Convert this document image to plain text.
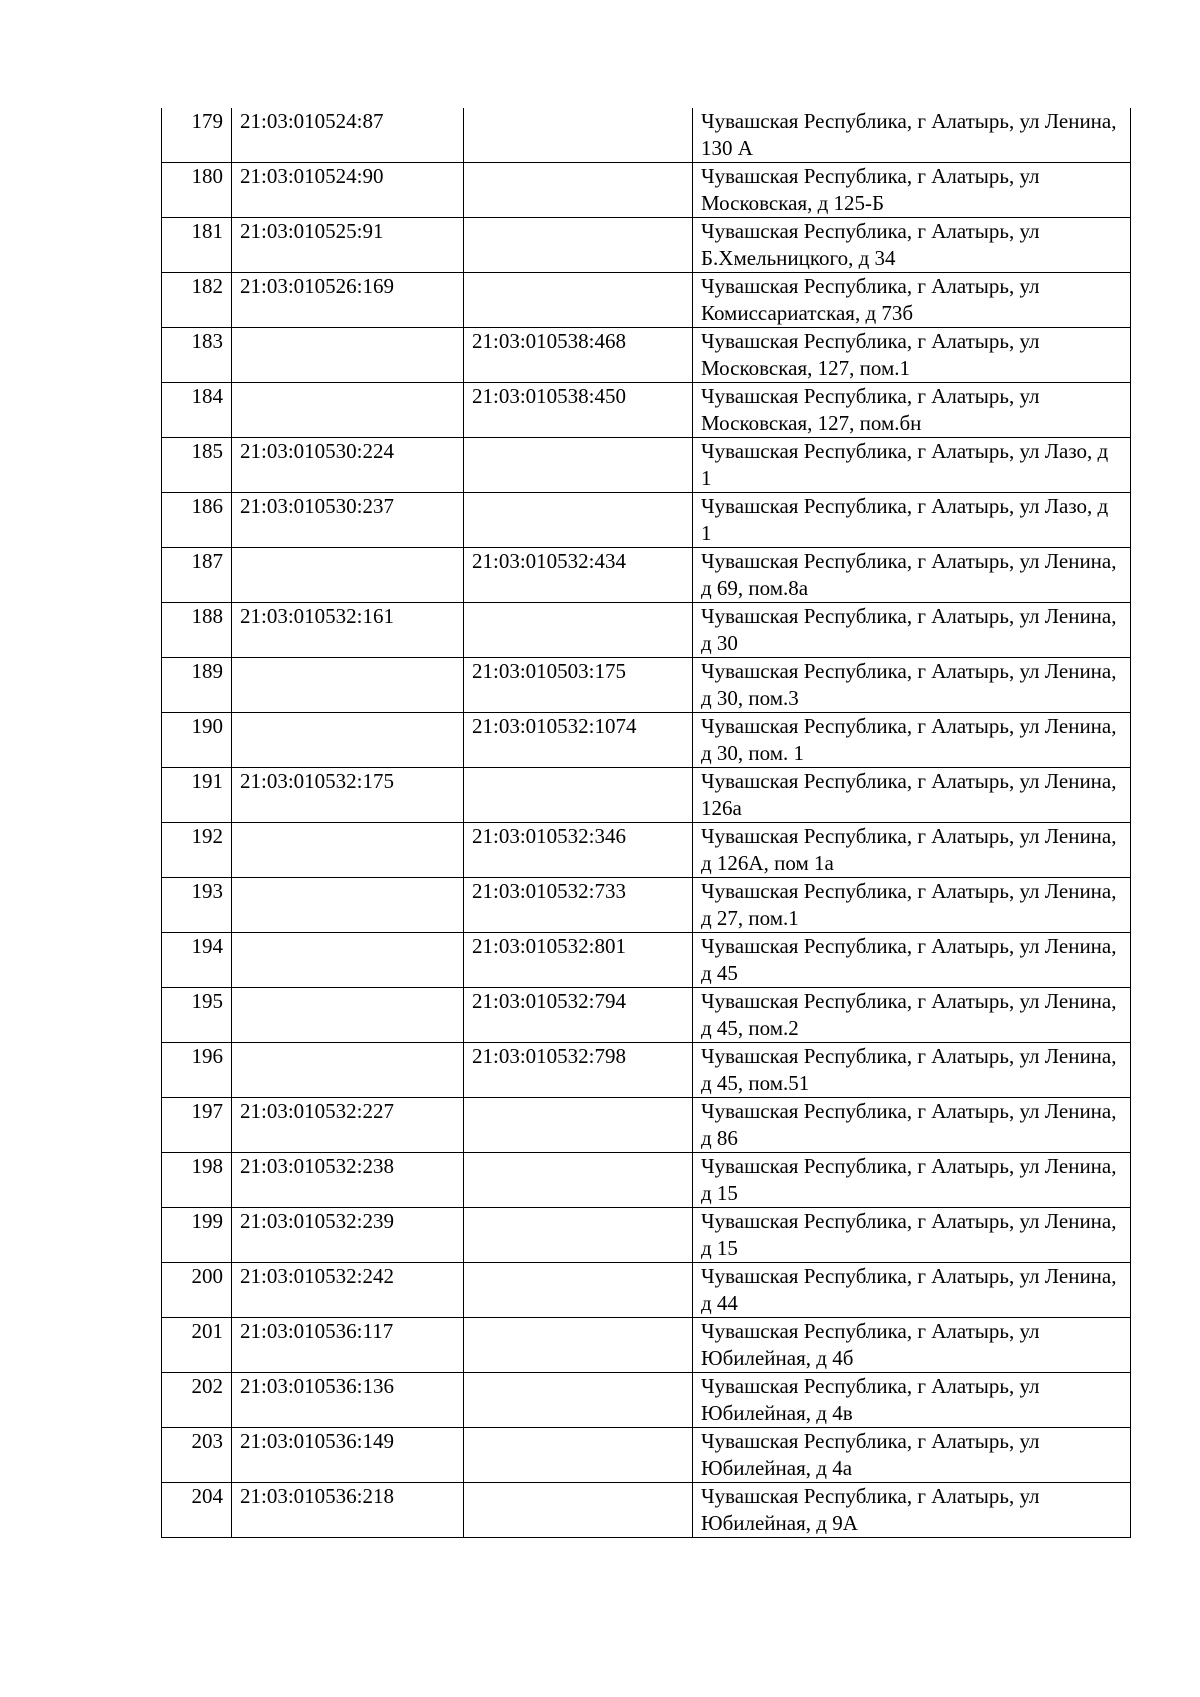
179	21:03:010524:87		Чувашская Республика, г Алатырь, ул Ленина, 130 А
180	21:03:010524:90		Чувашская Республика, г Алатырь, ул Московская, д 125-Б
181	21:03:010525:91		Чувашская Республика, г Алатырь, ул Б.Хмельницкого, д 34
182	21:03:010526:169		Чувашская Республика, г Алатырь, ул Комиссариатская, д 73б
183		21:03:010538:468	Чувашская Республика, г Алатырь, ул Московская, 127, пом.1
184		21:03:010538:450	Чувашская Республика, г Алатырь, ул Московская, 127, пом.бн
185	21:03:010530:224		Чувашская Республика, г Алатырь, ул Лазо, д 1
186	21:03:010530:237		Чувашская Республика, г Алатырь, ул Лазо, д 1
187		21:03:010532:434	Чувашская Республика, г Алатырь, ул Ленина, д 69, пом.8а
188	21:03:010532:161		Чувашская Республика, г Алатырь, ул Ленина, д 30
189		21:03:010503:175	Чувашская Республика, г Алатырь, ул Ленина, д 30, пом.3
190		21:03:010532:1074	Чувашская Республика, г Алатырь, ул Ленина, д 30, пом. 1
191	21:03:010532:175		Чувашская Республика, г Алатырь, ул Ленина, 126а
192		21:03:010532:346	Чувашская Республика, г Алатырь, ул Ленина, д 126А, пом 1а
193		21:03:010532:733	Чувашская Республика, г Алатырь, ул Ленина, д 27, пом.1
194		21:03:010532:801	Чувашская Республика, г Алатырь, ул Ленина, д 45
195		21:03:010532:794	Чувашская Республика, г Алатырь, ул Ленина, д 45, пом.2
196		21:03:010532:798	Чувашская Республика, г Алатырь, ул Ленина, д 45, пом.51
197	21:03:010532:227		Чувашская Республика, г Алатырь, ул Ленина, д 86
198	21:03:010532:238		Чувашская Республика, г Алатырь, ул Ленина, д 15
199	21:03:010532:239		Чувашская Республика, г Алатырь, ул Ленина, д 15
200	21:03:010532:242		Чувашская Республика, г Алатырь, ул Ленина, д 44
201	21:03:010536:117		Чувашская Республика, г Алатырь, ул Юбилейная, д 4б
202	21:03:010536:136		Чувашская Республика, г Алатырь, ул Юбилейная, д 4в
203	21:03:010536:149		Чувашская Республика, г Алатырь, ул Юбилейная, д 4а
204	21:03:010536:218		Чувашская Республика, г Алатырь, ул Юбилейная, д 9А
